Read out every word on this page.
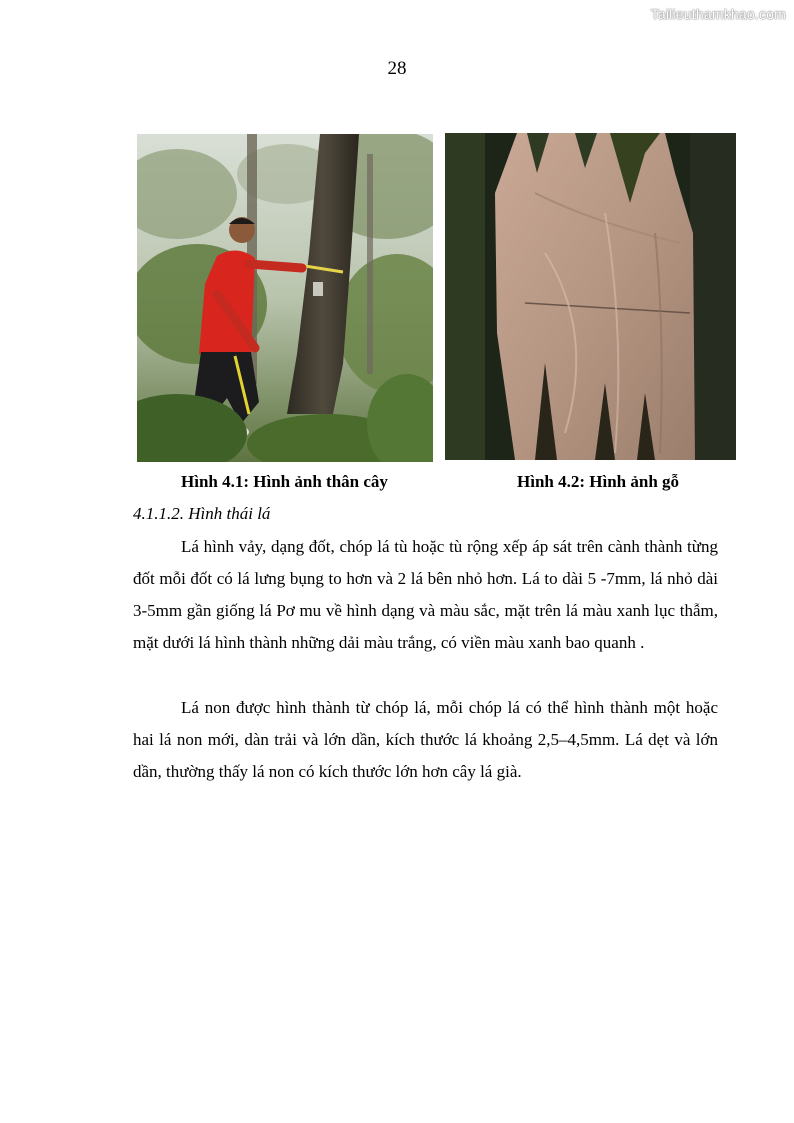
Tailieuthamkhao.com
28
Hình 4.1: Hình ảnh thân cây	Hình 4.2: Hình ảnh gỗ
4.1.1.2. Hình thái lá

Lá hình vảy, dạng đốt, chóp lá tù hoặc tù rộng xếp áp sát trên cành thành từng đốt mỗi đốt có lá lưng bụng to hơn và 2 lá bên nhỏ hơn. Lá to dài 5 -7mm, lá nhỏ dài 3-5mm gần giống lá Pơ mu về hình dạng và màu sắc, mặt trên lá màu xanh lục thẫm, mặt dưới lá hình thành những dải màu trắng, có viền màu xanh bao quanh .

Lá non được hình thành từ chóp lá, mỗi chóp lá có thể hình thành một hoặc hai lá non mới, dàn trải và lớn dần, kích thước lá khoảng 2,5–4,5mm. Lá dẹt và lớn dần, thường thấy lá non có kích thước lớn hơn cây lá già.
